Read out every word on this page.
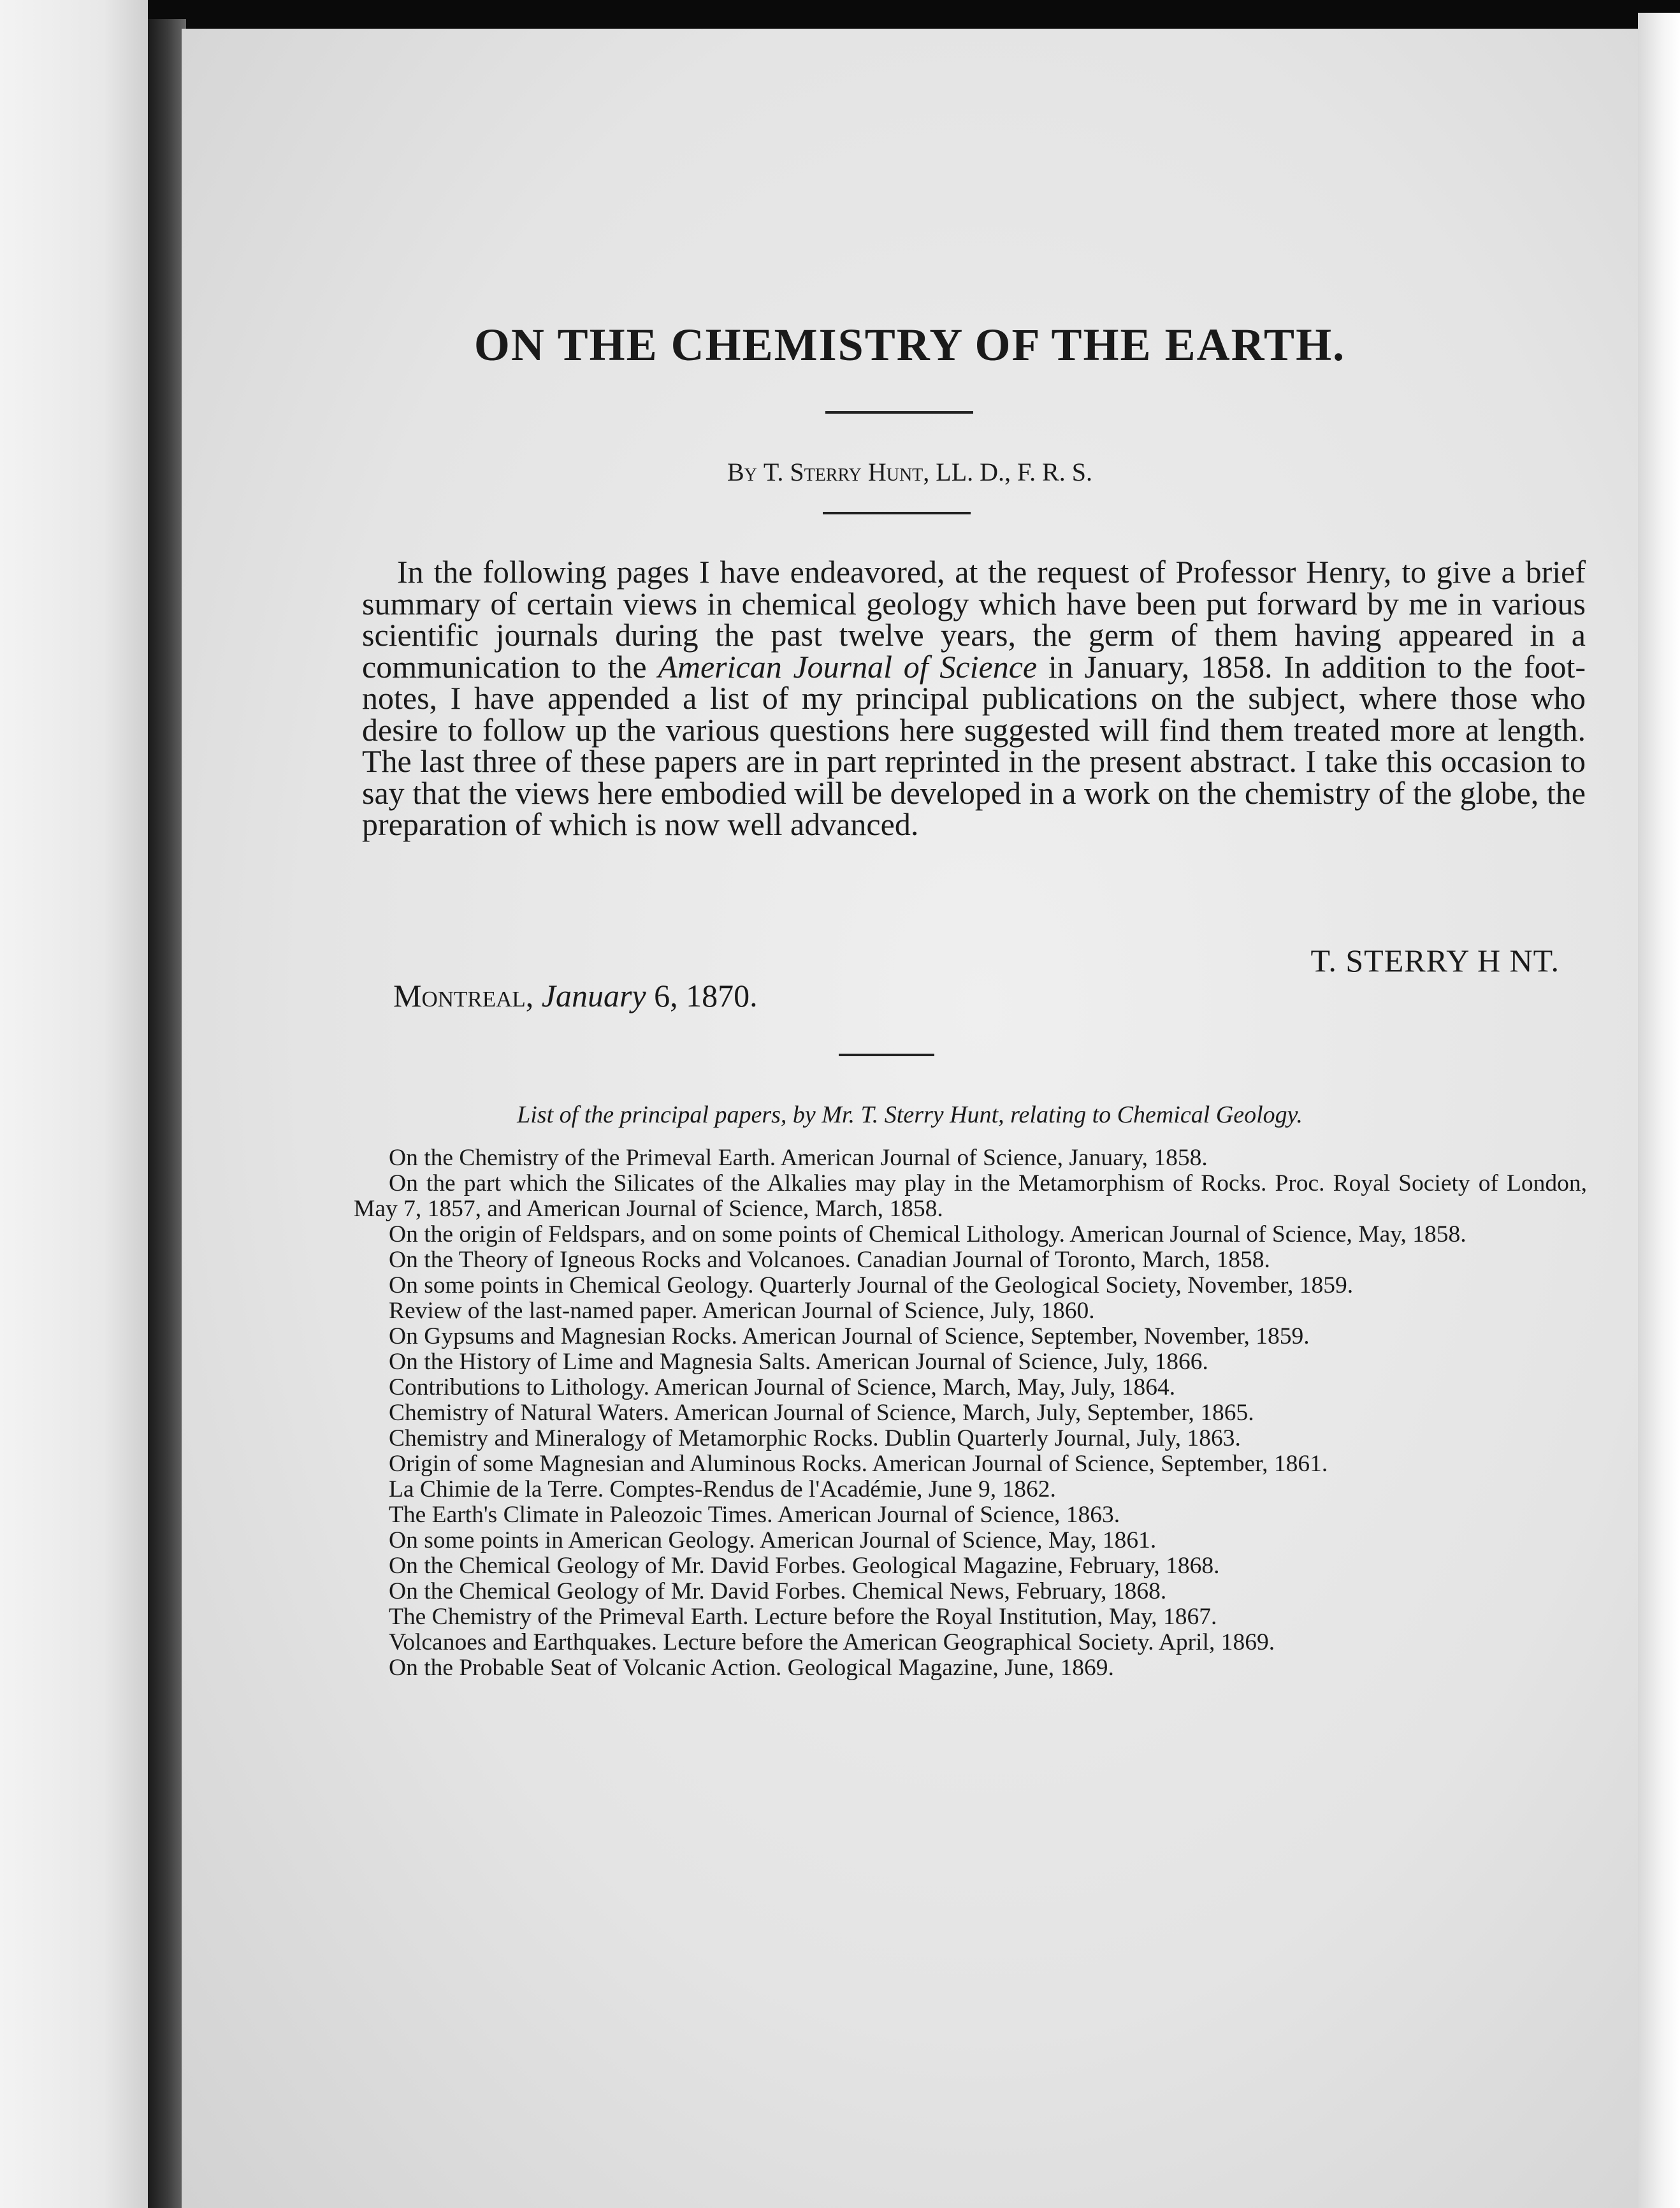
ON THE CHEMISTRY OF THE EARTH.

By T. Sterry Hunt, LL. D., F. R. S.

In the following pages I have endeavored, at the request of Professor Henry, to give a brief summary of certain views in chemical geology which have been put forward by me in various scientific journals during the past twelve years, the germ of them having appeared in a communication to the American Journal of Science in January, 1858. In addition to the foot-notes, I have appended a list of my principal publications on the subject, where those who desire to follow up the various questions here suggested will find them treated more at length. The last three of these papers are in part reprinted in the present abstract. I take this occasion to say that the views here embodied will be developed in a work on the chemistry of the globe, the preparation of which is now well advanced.

T. STERRY H NT.

Montreal, January 6, 1870.

List of the principal papers, by Mr. T. Sterry Hunt, relating to Chemical Geology.

On the Chemistry of the Primeval Earth. American Journal of Science, January, 1858.
On the part which the Silicates of the Alkalies may play in the Metamorphism of Rocks. Proc. Royal Society of London, May 7, 1857, and American Journal of Science, March, 1858.
On the origin of Feldspars, and on some points of Chemical Lithology. American Journal of Science, May, 1858.
On the Theory of Igneous Rocks and Volcanoes. Canadian Journal of Toronto, March, 1858.
On some points in Chemical Geology. Quarterly Journal of the Geological Society, November, 1859.
Review of the last-named paper. American Journal of Science, July, 1860.
On Gypsums and Magnesian Rocks. American Journal of Science, September, November, 1859.
On the History of Lime and Magnesia Salts. American Journal of Science, July, 1866.
Contributions to Lithology. American Journal of Science, March, May, July, 1864.
Chemistry of Natural Waters. American Journal of Science, March, July, September, 1865.
Chemistry and Mineralogy of Metamorphic Rocks. Dublin Quarterly Journal, July, 1863.
Origin of some Magnesian and Aluminous Rocks. American Journal of Science, September, 1861.
La Chimie de la Terre. Comptes-Rendus de l'Académie, June 9, 1862.
The Earth's Climate in Paleozoic Times. American Journal of Science, 1863.
On some points in American Geology. American Journal of Science, May, 1861.
On the Chemical Geology of Mr. David Forbes. Geological Magazine, February, 1868.
On the Chemical Geology of Mr. David Forbes. Chemical News, February, 1868.
The Chemistry of the Primeval Earth. Lecture before the Royal Institution, May, 1867.
Volcanoes and Earthquakes. Lecture before the American Geographical Society. April, 1869.
On the Probable Seat of Volcanic Action. Geological Magazine, June, 1869.
